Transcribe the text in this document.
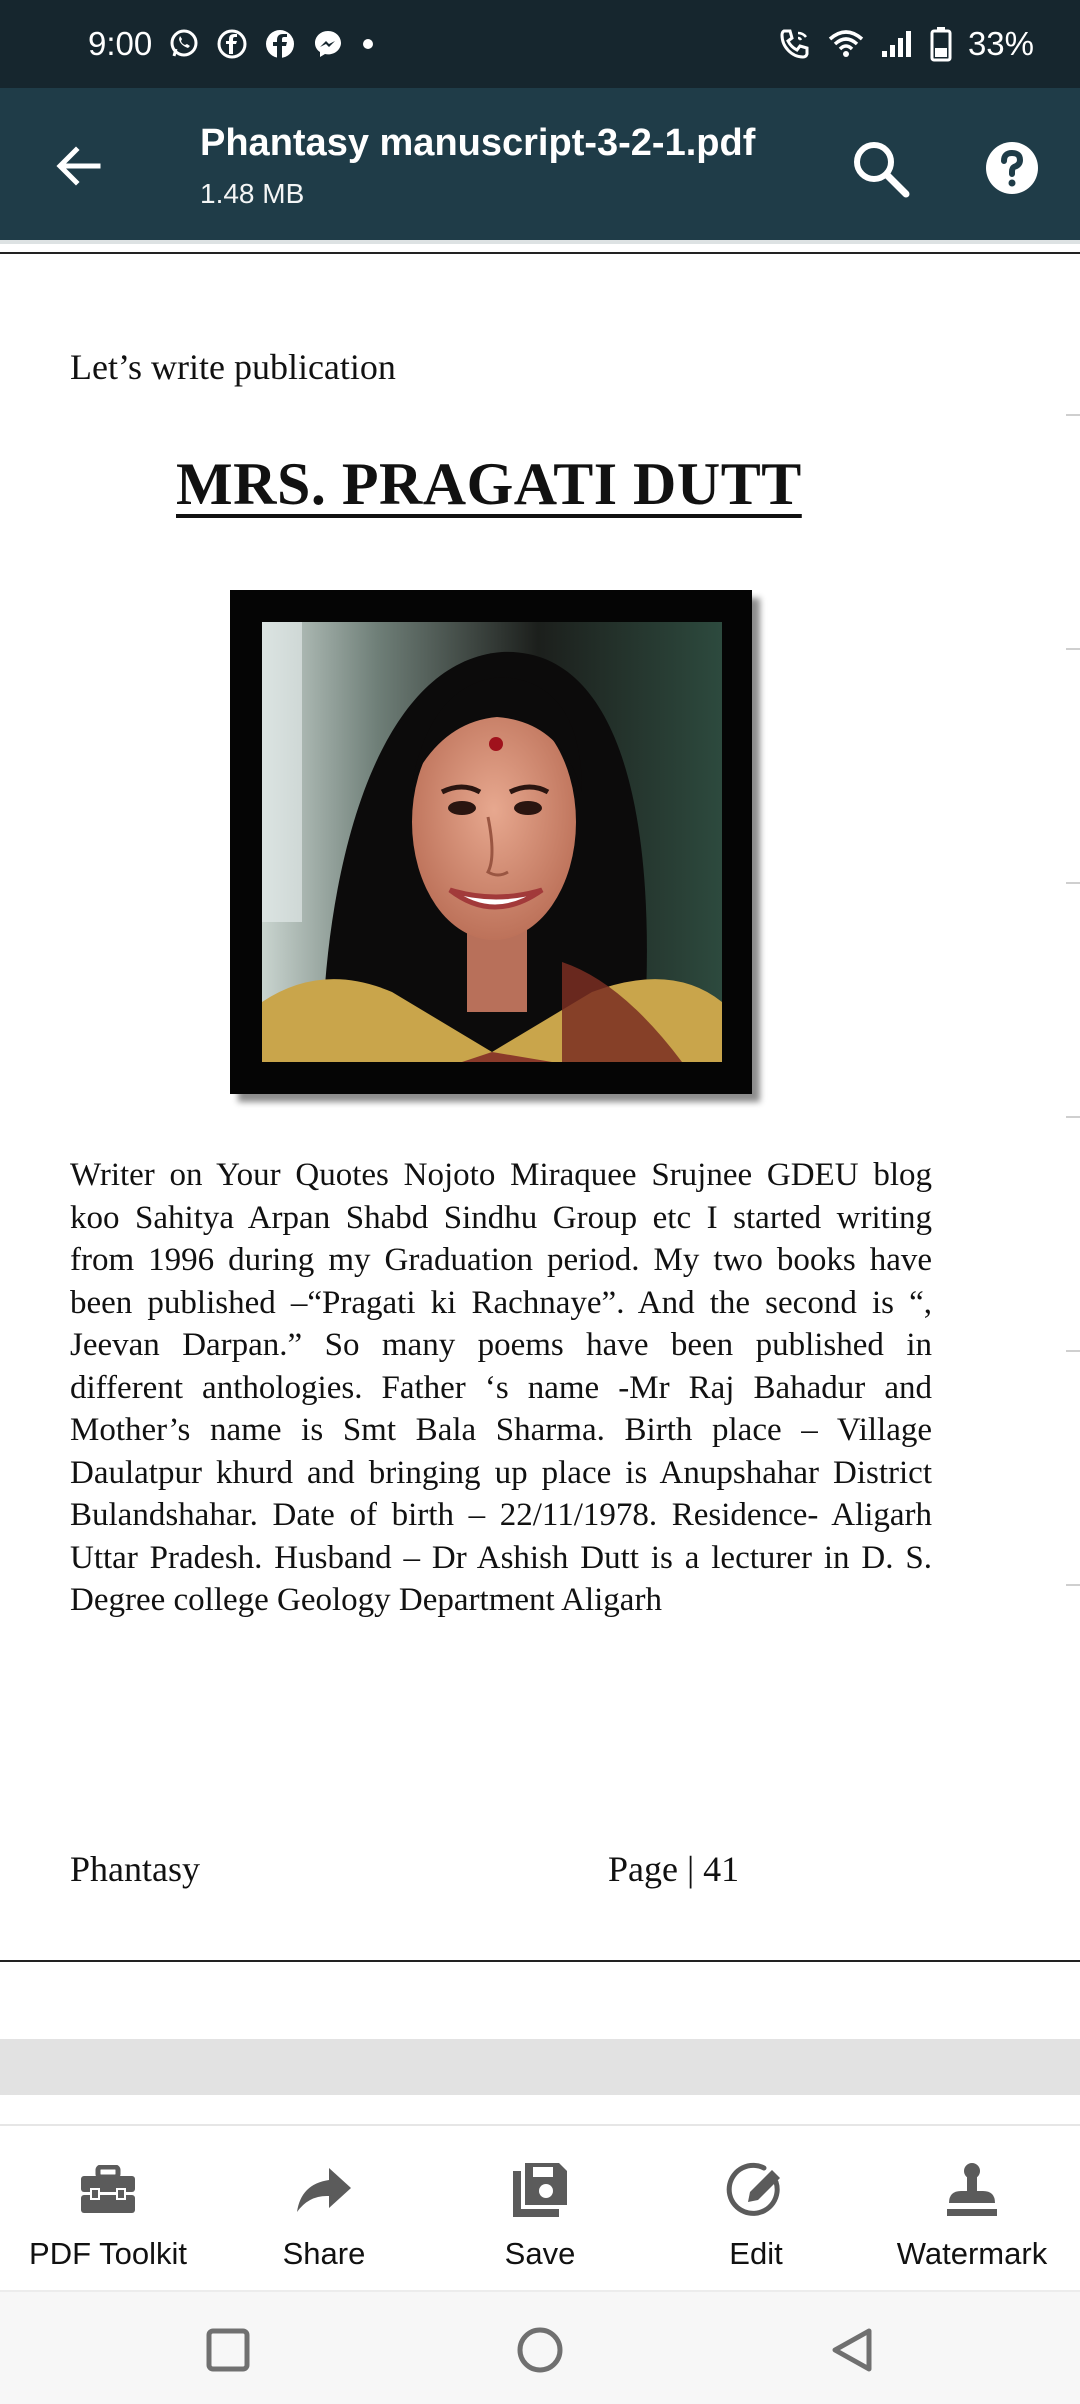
9:00	33%
Phantasy manuscript-3-2-1.pdf
1.48 MB
Let’s write publication
MRS. PRAGATI DUTT
Writer on Your Quotes Nojoto Miraquee Srujnee GDEU blog koo Sahitya Arpan Shabd Sindhu Group etc I started writing from 1996 during my Graduation period. My two books have been published –“Pragati ki Rachnaye”. And the second is “, Jeevan Darpan.” So many poems have been published in different anthologies. Father ‘s name -Mr Raj Bahadur and Mother’s name is Smt Bala Sharma. Birth place – Village Daulatpur khurd and bringing up place is Anupshahar District Bulandshahar. Date of birth – 22/11/1978. Residence- Aligarh Uttar Pradesh. Husband – Dr Ashish Dutt is a lecturer in D. S. Degree college Geology Department Aligarh
Phantasy	Page | 41
PDF Toolkit	Share	Save	Edit	Watermark
